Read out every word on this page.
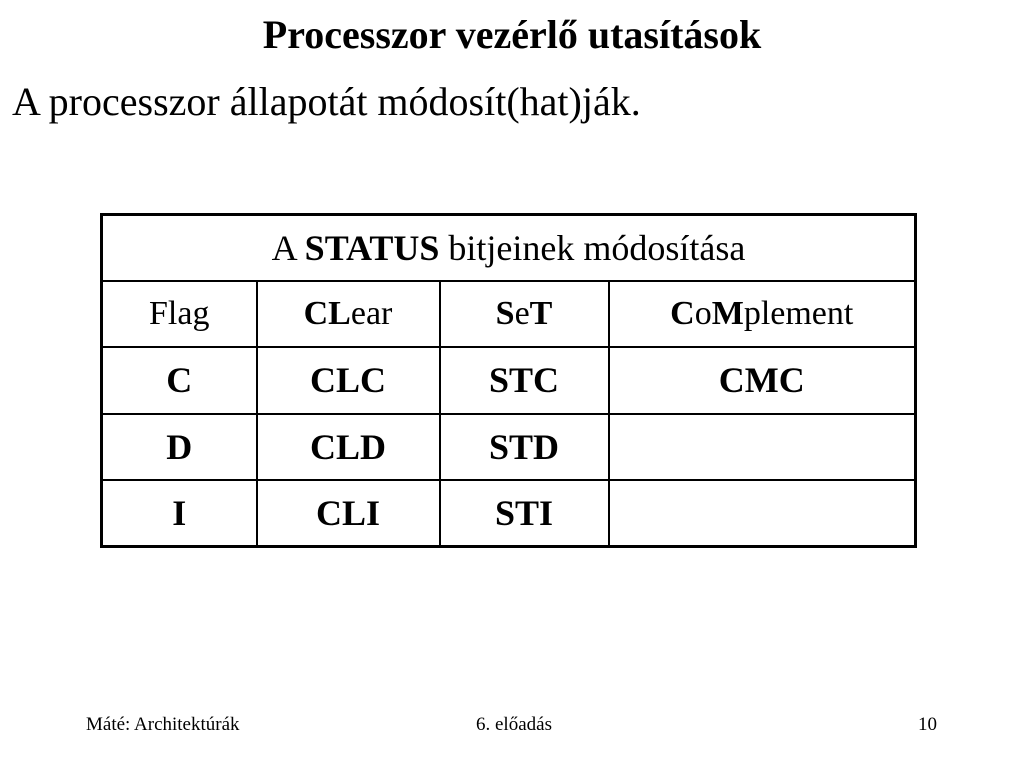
Processzor vezérlő utasítások
A processzor állapotát módosít(hat)ják.
A STATUS bitjeinek módosítása			
Flag	CLear	SeT	CoMplement
C	CLC	STC	CMC
D	CLD	STD	
I	CLI	STI	
Máté: Architektúrák	6. előadás	10
